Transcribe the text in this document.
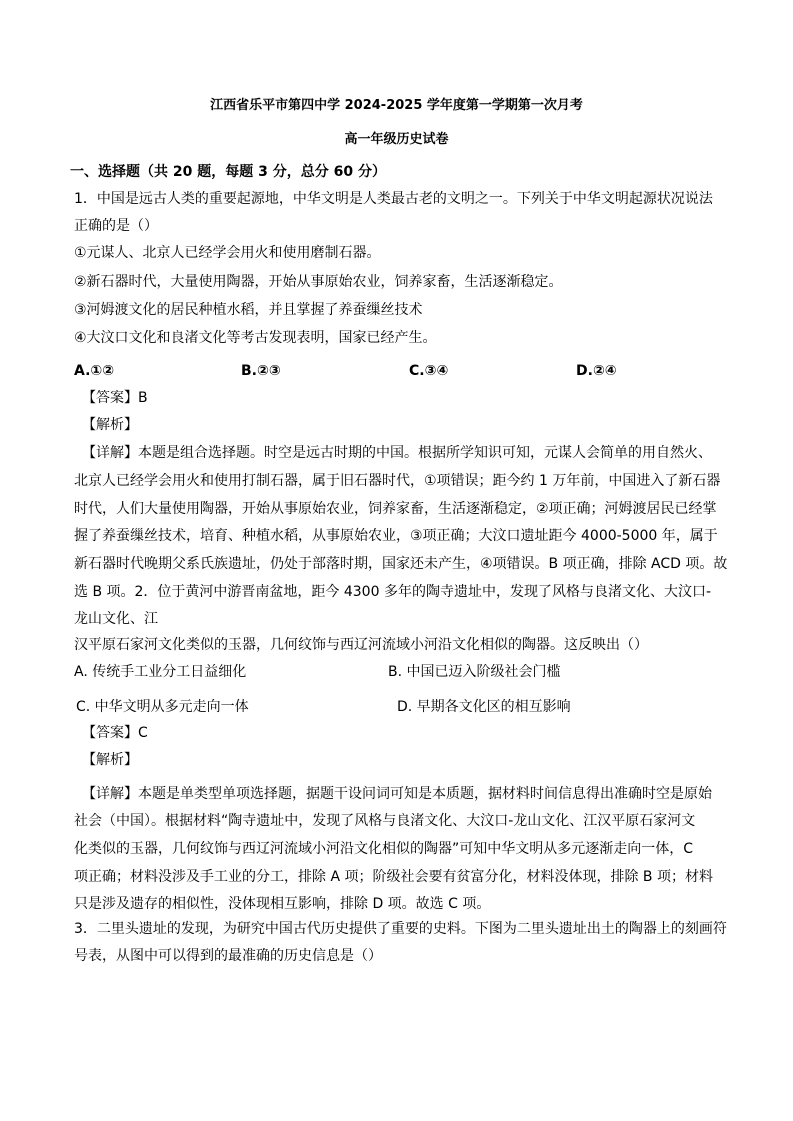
江西省乐平市第四中学 2024-2025 学年度第一学期第一次月考
高一年级历史试卷
一、选择题（共 20 题，每题 3 分，总分 60 分）
1．中国是远古人类的重要起源地，中华文明是人类最古老的文明之一。下列关于中华文明起源状况说法
正确的是（）
①元谋人、北京人已经学会用火和使用磨制石器。
②新石器时代，大量使用陶器，开始从事原始农业，饲养家畜，生活逐渐稳定。
③河姆渡文化的居民种植水稻，并且掌握了养蚕缫丝技术
④大汶口文化和良渚文化等考古发现表明，国家已经产生。
A.①②	B.②③	C.③④	D.②④
【答案】B
【解析】
【详解】本题是组合选择题。时空是远古时期的中国。根据所学知识可知，元谋人会简单的用自然火、
北京人已经学会用火和使用打制石器，属于旧石器时代，①项错误；距今约 1 万年前，中国进入了新石器
时代，人们大量使用陶器，开始从事原始农业，饲养家畜，生活逐渐稳定，②项正确；河姆渡居民已经掌
握了养蚕缫丝技术，培育、种植水稻，从事原始农业，③项正确；大汶口遗址距今 4000-5000 年，属于
新石器时代晚期父系氏族遗址，仍处于部落时期，国家还未产生，④项错误。B 项正确，排除 ACD 项。故
选 B 项。2．位于黄河中游晋南盆地，距今 4300 多年的陶寺遗址中，发现了风格与良渚文化、大汶口-
龙山文化、江
汉平原石家河文化类似的玉器，几何纹饰与西辽河流域小河沿文化相似的陶器。这反映出（）
A. 传统手工业分工日益细化	B. 中国已迈入阶级社会门槛
C. 中华文明从多元走向一体	D. 早期各文化区的相互影响
【答案】C
【解析】
【详解】本题是单类型单项选择题，据题干设问词可知是本质题，据材料时间信息得出准确时空是原始
社会（中国）。根据材料“陶寺遗址中，发现了风格与良渚文化、大汶口-龙山文化、江汉平原石家河文
化类似的玉器，几何纹饰与西辽河流域小河沿文化相似的陶器”可知中华文明从多元逐渐走向一体，C
项正确；材料没涉及手工业的分工，排除 A 项；阶级社会要有贫富分化，材料没体现，排除 B 项；材料
只是涉及遗存的相似性，没体现相互影响，排除 D 项。故选 C 项。
3．二里头遗址的发现，为研究中国古代历史提供了重要的史料。下图为二里头遗址出土的陶器上的刻画符
号表，从图中可以得到的最准确的历史信息是（）
